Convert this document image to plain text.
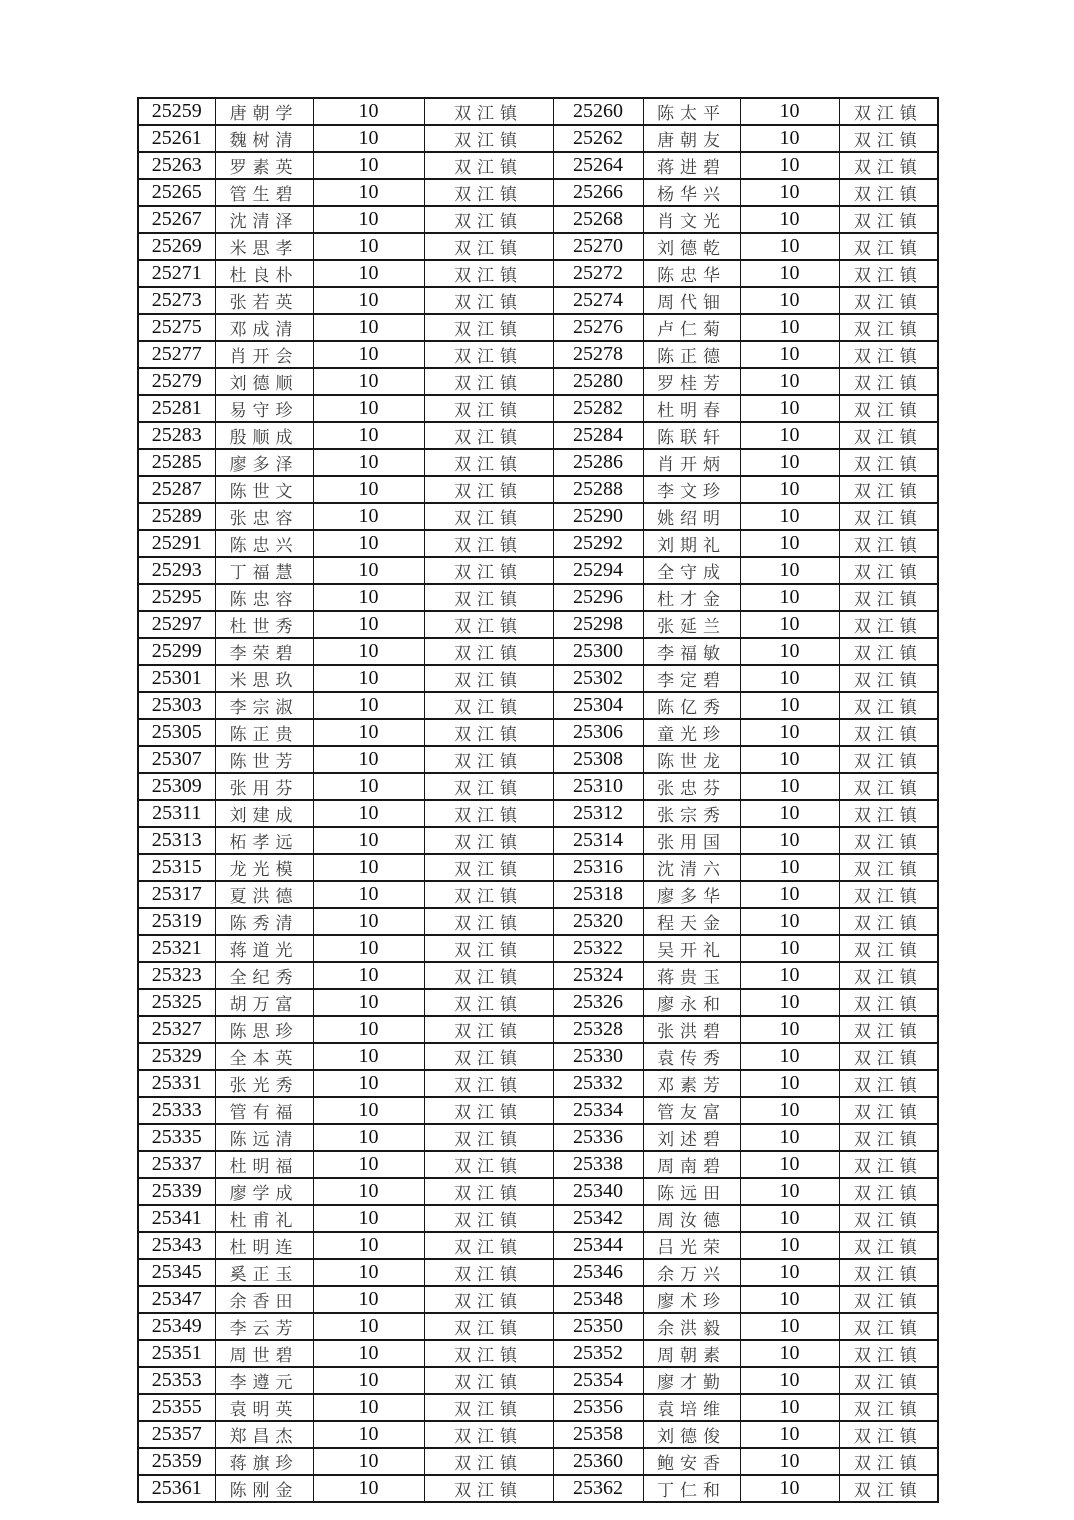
25259	唐朝学	10	双江镇	25260	陈太平	10	双江镇
25261	魏树清	10	双江镇	25262	唐朝友	10	双江镇
25263	罗素英	10	双江镇	25264	蒋进碧	10	双江镇
25265	管生碧	10	双江镇	25266	杨华兴	10	双江镇
25267	沈清泽	10	双江镇	25268	肖文光	10	双江镇
25269	米思孝	10	双江镇	25270	刘德乾	10	双江镇
25271	杜良朴	10	双江镇	25272	陈忠华	10	双江镇
25273	张若英	10	双江镇	25274	周代钿	10	双江镇
25275	邓成清	10	双江镇	25276	卢仁菊	10	双江镇
25277	肖开会	10	双江镇	25278	陈正德	10	双江镇
25279	刘德顺	10	双江镇	25280	罗桂芳	10	双江镇
25281	易守珍	10	双江镇	25282	杜明春	10	双江镇
25283	殷顺成	10	双江镇	25284	陈联轩	10	双江镇
25285	廖多泽	10	双江镇	25286	肖开炳	10	双江镇
25287	陈世文	10	双江镇	25288	李文珍	10	双江镇
25289	张忠容	10	双江镇	25290	姚绍明	10	双江镇
25291	陈忠兴	10	双江镇	25292	刘期礼	10	双江镇
25293	丁福慧	10	双江镇	25294	全守成	10	双江镇
25295	陈忠容	10	双江镇	25296	杜才金	10	双江镇
25297	杜世秀	10	双江镇	25298	张延兰	10	双江镇
25299	李荣碧	10	双江镇	25300	李福敏	10	双江镇
25301	米思玖	10	双江镇	25302	李定碧	10	双江镇
25303	李宗淑	10	双江镇	25304	陈亿秀	10	双江镇
25305	陈正贵	10	双江镇	25306	童光珍	10	双江镇
25307	陈世芳	10	双江镇	25308	陈世龙	10	双江镇
25309	张用芬	10	双江镇	25310	张忠芬	10	双江镇
25311	刘建成	10	双江镇	25312	张宗秀	10	双江镇
25313	柘孝远	10	双江镇	25314	张用国	10	双江镇
25315	龙光模	10	双江镇	25316	沈清六	10	双江镇
25317	夏洪德	10	双江镇	25318	廖多华	10	双江镇
25319	陈秀清	10	双江镇	25320	程天金	10	双江镇
25321	蒋道光	10	双江镇	25322	吴开礼	10	双江镇
25323	全纪秀	10	双江镇	25324	蒋贵玉	10	双江镇
25325	胡万富	10	双江镇	25326	廖永和	10	双江镇
25327	陈思珍	10	双江镇	25328	张洪碧	10	双江镇
25329	全本英	10	双江镇	25330	袁传秀	10	双江镇
25331	张光秀	10	双江镇	25332	邓素芳	10	双江镇
25333	管有福	10	双江镇	25334	管友富	10	双江镇
25335	陈远清	10	双江镇	25336	刘述碧	10	双江镇
25337	杜明福	10	双江镇	25338	周南碧	10	双江镇
25339	廖学成	10	双江镇	25340	陈远田	10	双江镇
25341	杜甫礼	10	双江镇	25342	周汝德	10	双江镇
25343	杜明连	10	双江镇	25344	吕光荣	10	双江镇
25345	奚正玉	10	双江镇	25346	余万兴	10	双江镇
25347	余香田	10	双江镇	25348	廖术珍	10	双江镇
25349	李云芳	10	双江镇	25350	余洪毅	10	双江镇
25351	周世碧	10	双江镇	25352	周朝素	10	双江镇
25353	李遵元	10	双江镇	25354	廖才勤	10	双江镇
25355	袁明英	10	双江镇	25356	袁培维	10	双江镇
25357	郑昌杰	10	双江镇	25358	刘德俊	10	双江镇
25359	蒋旗珍	10	双江镇	25360	鲍安香	10	双江镇
25361	陈刚金	10	双江镇	25362	丁仁和	10	双江镇
